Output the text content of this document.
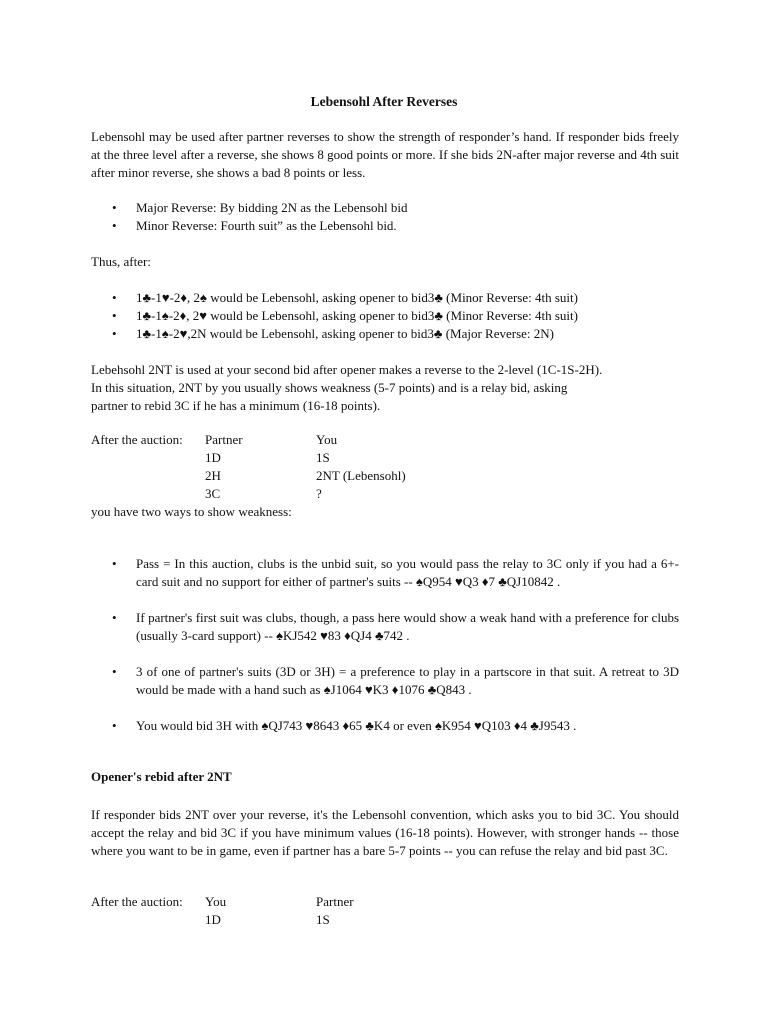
Lebensohl After Reverses
Lebensohl may be used after partner reverses to show the strength of responder’s hand. If responder bids freely at the three level after a reverse, she shows 8 good points or more. If she bids 2N-after major reverse and 4th suit after minor reverse, she shows a bad 8 points or less.
• Major Reverse: By bidding 2N as the Lebensohl bid
• Minor Reverse: Fourth suit” as the Lebensohl bid.
Thus, after:
• 1♣-1♥-2♦, 2♠ would be Lebensohl, asking opener to bid3♣ (Minor Reverse: 4th suit)
• 1♣-1♠-2♦, 2♥ would be Lebensohl, asking opener to bid3♣ (Minor Reverse: 4th suit)
• 1♣-1♠-2♥,2N would be Lebensohl, asking opener to bid3♣ (Major Reverse: 2N)
Lebehsohl 2NT is used at your second bid after opener makes a reverse to the 2-level (1C-1S-2H).
In this situation, 2NT by you usually shows weakness (5-7 points) and is a relay bid, asking
partner to rebid 3C if he has a minimum (16-18 points).
After the auction: Partner	You
1D	1S
2H	2NT (Lebensohl)
3C	?
you have two ways to show weakness:
• Pass = In this auction, clubs is the unbid suit, so you would pass the relay to 3C only if you had a 6+-card suit and no support for either of partner's suits -- ♠Q954 ♥Q3 ♦7 ♣QJ10842 .
• If partner's first suit was clubs, though, a pass here would show a weak hand with a preference for clubs (usually 3-card support) -- ♠KJ542 ♥83 ♦QJ4 ♣742 .
• 3 of one of partner's suits (3D or 3H) = a preference to play in a partscore in that suit. A retreat to 3D would be made with a hand such as ♠J1064 ♥K3 ♦1076 ♣Q843 .
• You would bid 3H with ♠QJ743 ♥8643 ♦65 ♣K4 or even ♠K954 ♥Q103 ♦4 ♣J9543 .
Opener's rebid after 2NT
If responder bids 2NT over your reverse, it's the Lebensohl convention, which asks you to bid 3C. You should accept the relay and bid 3C if you have minimum values (16-18 points). However, with stronger hands -- those where you want to be in game, even if partner has a bare 5-7 points -- you can refuse the relay and bid past 3C.
After the auction: You	Partner
1D	1S
